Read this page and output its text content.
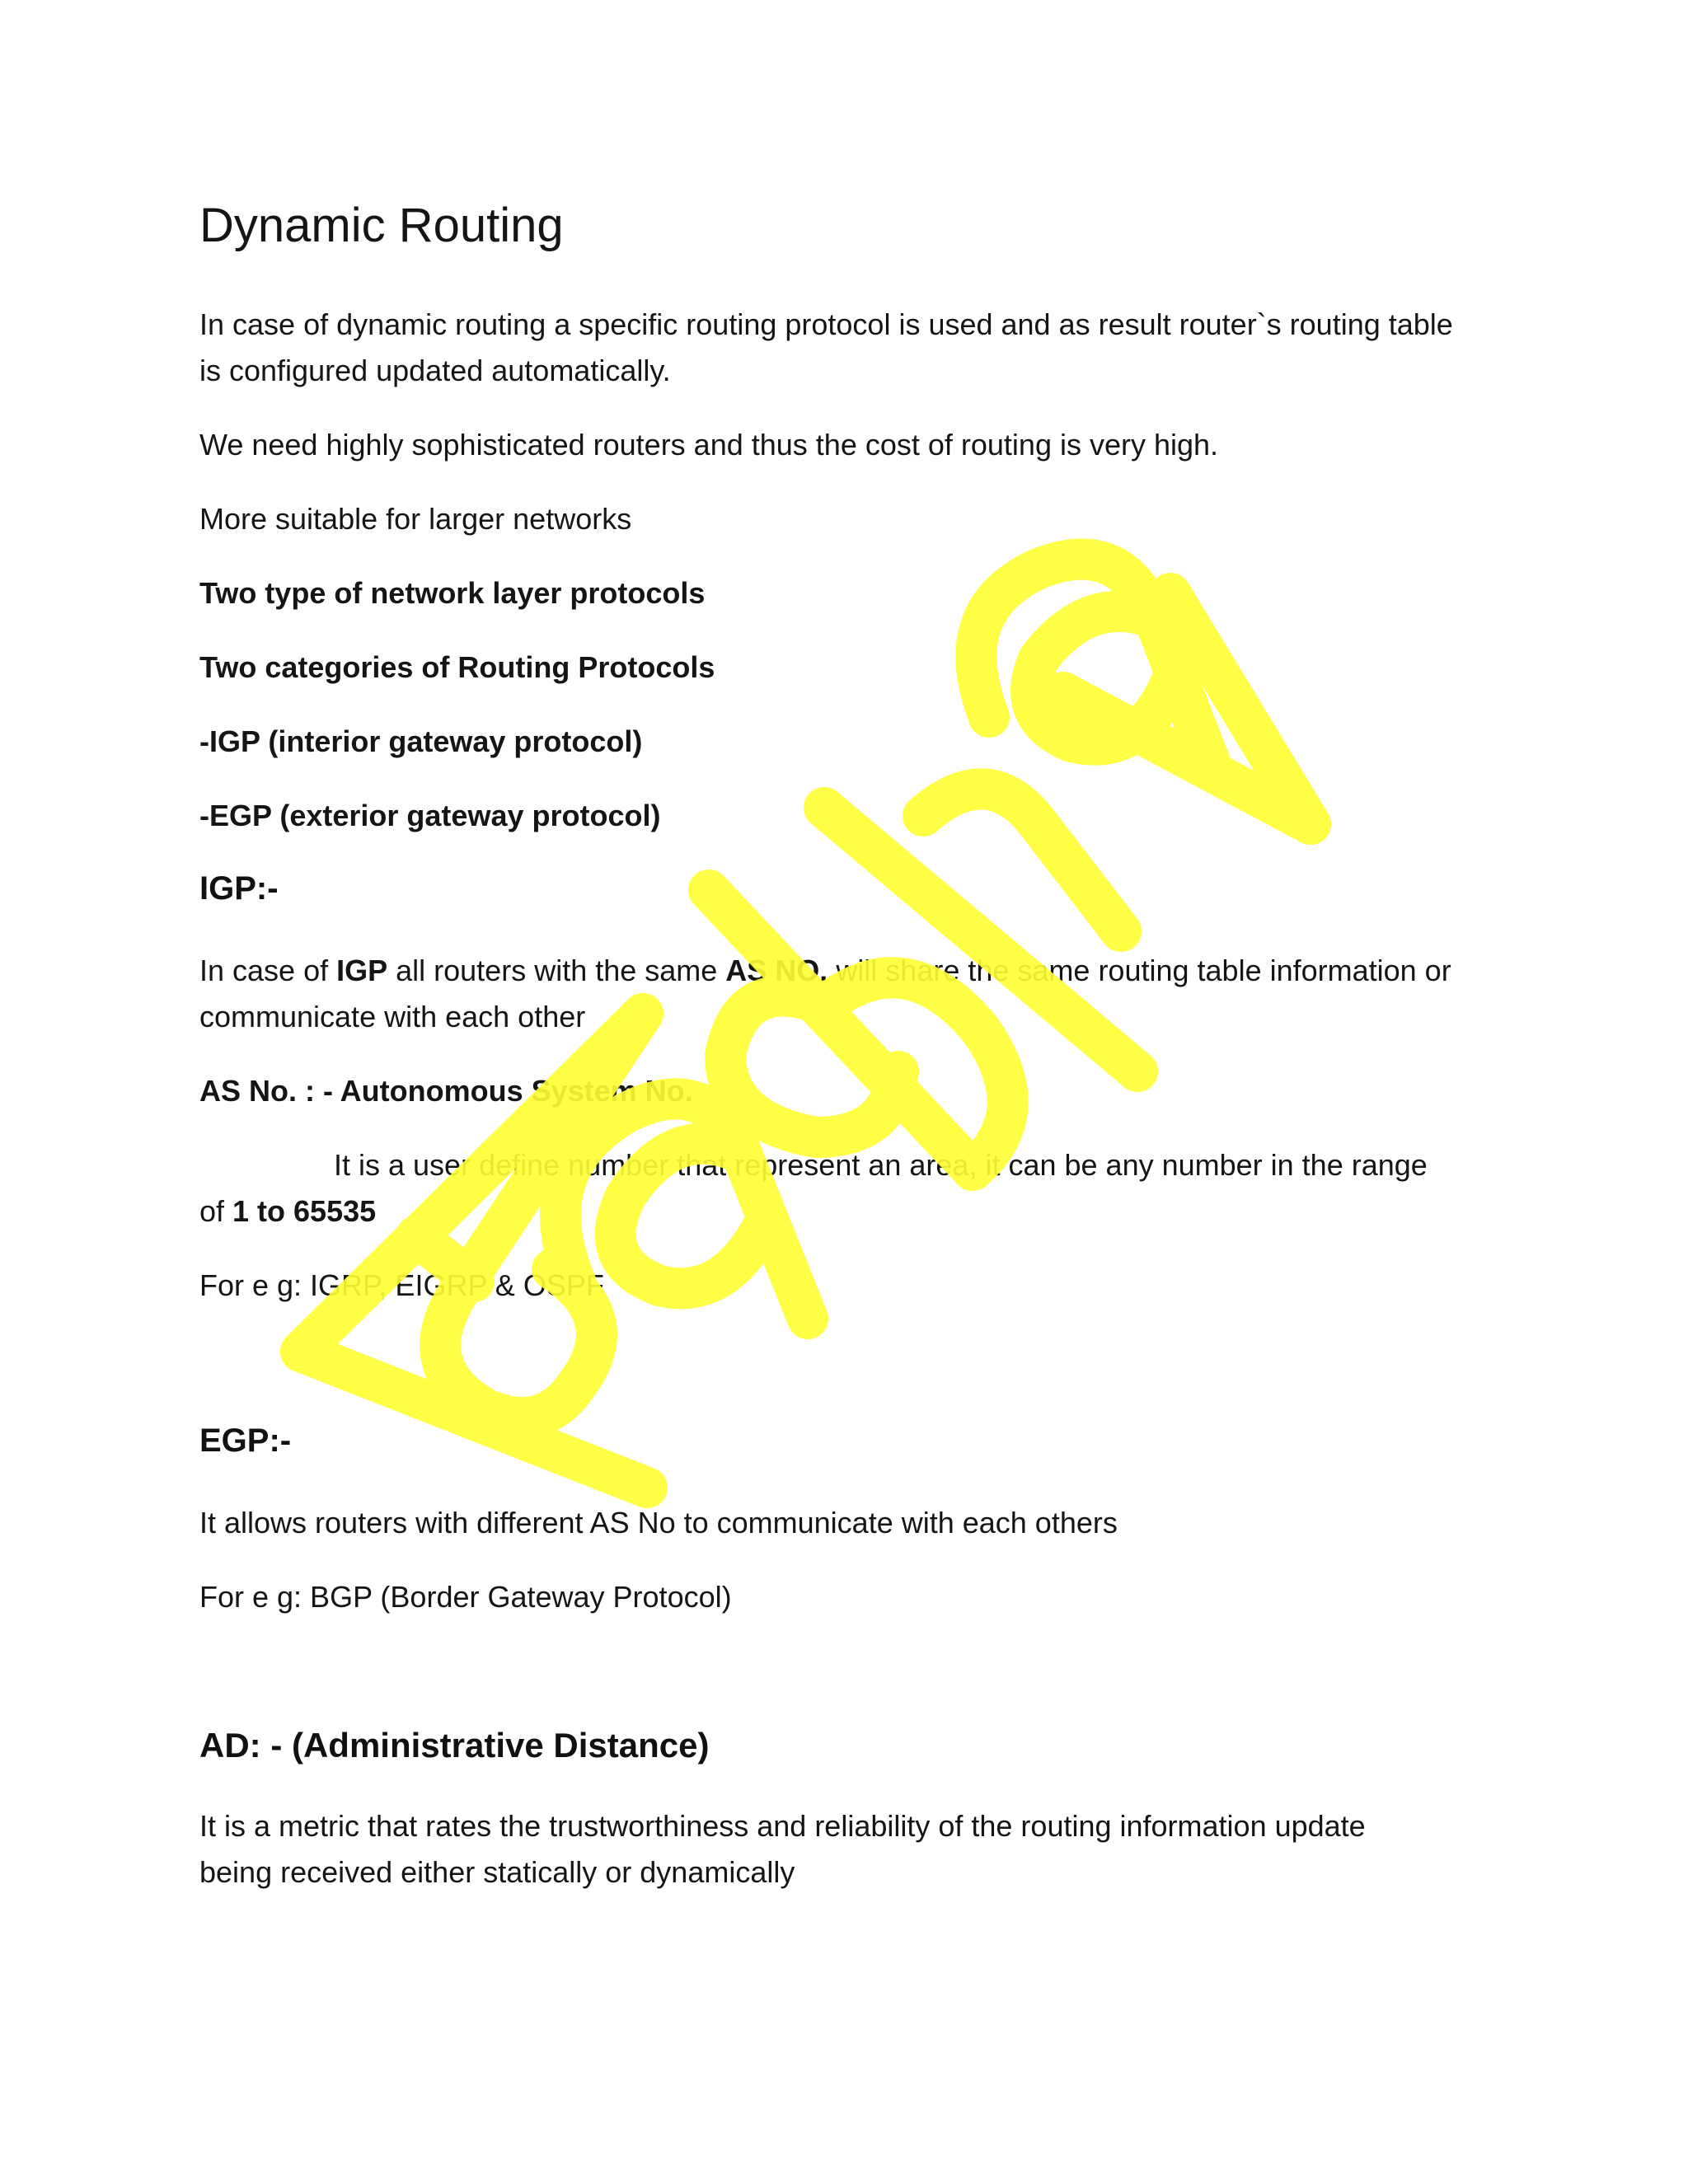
Dynamic Routing
In case of dynamic routing a specific routing protocol is used and as result router`s routing table
is configured updated automatically.
We need highly sophisticated routers and thus the cost of routing is very high.
More suitable for larger networks
Two type of network layer protocols
Two categories of Routing Protocols
-IGP (interior gateway protocol)
-EGP (exterior gateway protocol)
IGP:-
In case of IGP all routers with the same AS NO. will share the same routing table information or
communicate with each other
AS No. : - Autonomous System No.
It is a user define number that represent an area, it can be any number in the range
of 1 to 65535
For e g: IGRP, EIGRP & OSPF
EGP:-
It allows routers with different AS No to communicate with each others
For e g: BGP (Border Gateway Protocol)
AD: - (Administrative Distance)
It is a metric that rates the trustworthiness and reliability of the routing information update
being received either statically or dynamically
